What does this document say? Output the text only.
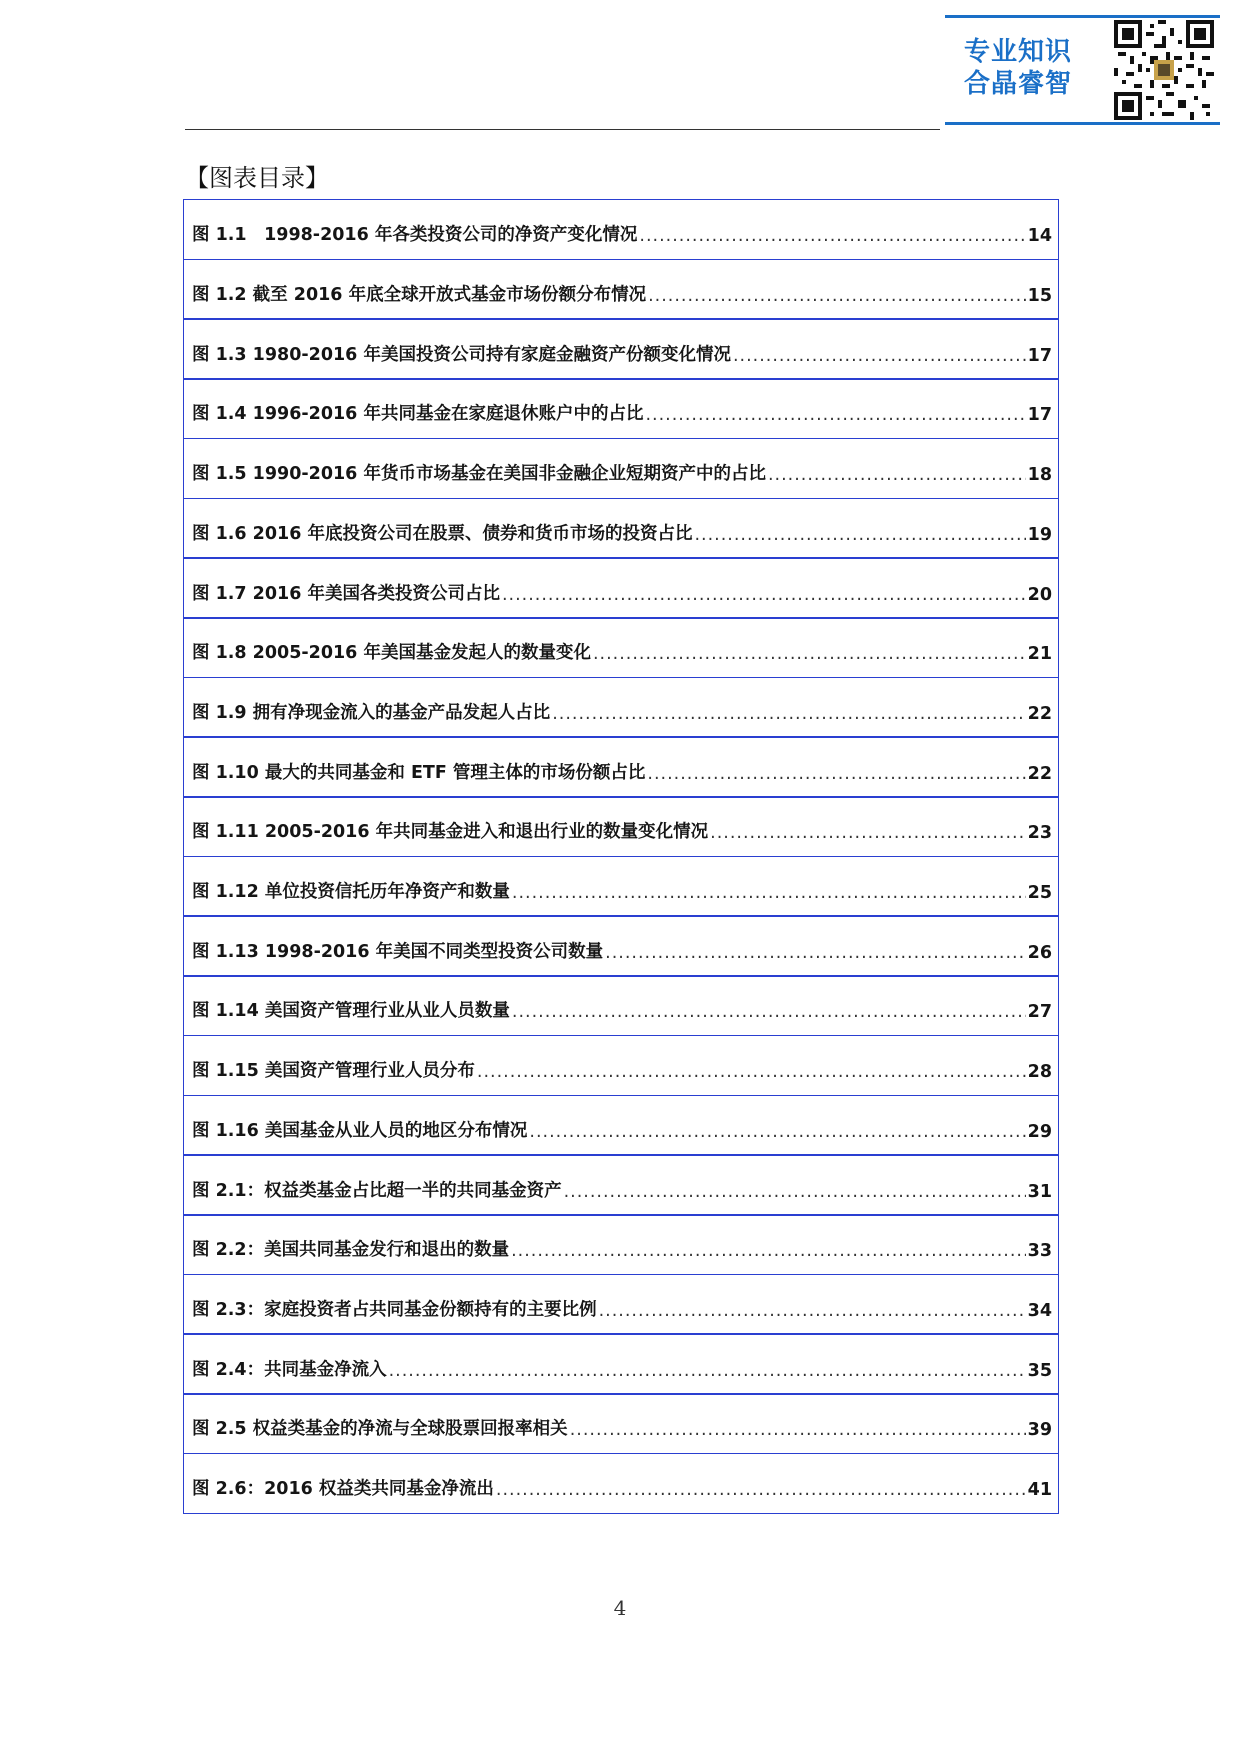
专业知识
合晶睿智
【图表目录】
图 1.1　1998-2016 年各类投资公司的净资产变化情况 .....	14
图 1.2 截至 2016 年底全球开放式基金市场份额分布情况 .....	15
图 1.3 1980-2016 年美国投资公司持有家庭金融资产份额变化情况 .....	17
图 1.4 1996-2016 年共同基金在家庭退休账户中的占比 .....	17
图 1.5 1990-2016 年货币市场基金在美国非金融企业短期资产中的占比 .....	18
图 1.6 2016 年底投资公司在股票、债券和货币市场的投资占比 .....	19
图 1.7 2016 年美国各类投资公司占比 .....	20
图 1.8 2005-2016 年美国基金发起人的数量变化 .....	21
图 1.9 拥有净现金流入的基金产品发起人占比 .....	22
图 1.10 最大的共同基金和 ETF 管理主体的市场份额占比 .....	22
图 1.11 2005-2016 年共同基金进入和退出行业的数量变化情况 .....	23
图 1.12 单位投资信托历年净资产和数量 .....	25
图 1.13 1998-2016 年美国不同类型投资公司数量 .....	26
图 1.14 美国资产管理行业从业人员数量 .....	27
图 1.15 美国资产管理行业人员分布 .....	28
图 1.16 美国基金从业人员的地区分布情况 .....	29
图 2.1：权益类基金占比超一半的共同基金资产 .....	31
图 2.2：美国共同基金发行和退出的数量 .....	33
图 2.3：家庭投资者占共同基金份额持有的主要比例 .....	34
图 2.4：共同基金净流入 .....	35
图 2.5 权益类基金的净流与全球股票回报率相关 .....	39
图 2.6：2016 权益类共同基金净流出 .....	41
4
